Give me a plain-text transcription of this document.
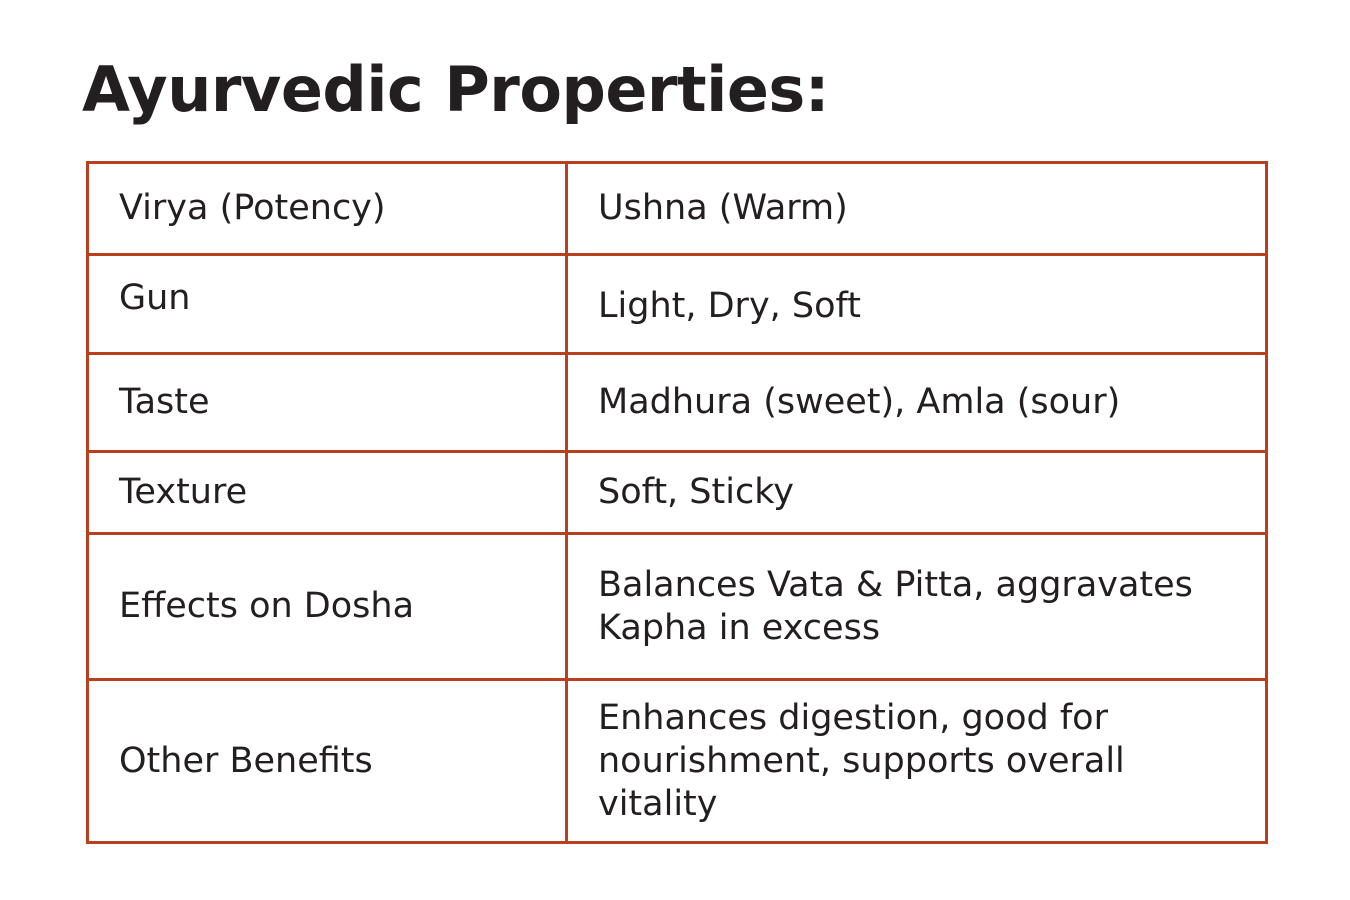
Ayurvedic Properties:
Virya (Potency)	Ushna (Warm)
Gun	Light, Dry, Soft
Taste	Madhura (sweet), Amla (sour)
Texture	Soft, Sticky
Effects on Dosha	Balances Vata & Pitta, aggravates Kapha in excess
Other Benefits	Enhances digestion, good for nourishment, supports overall vitality
